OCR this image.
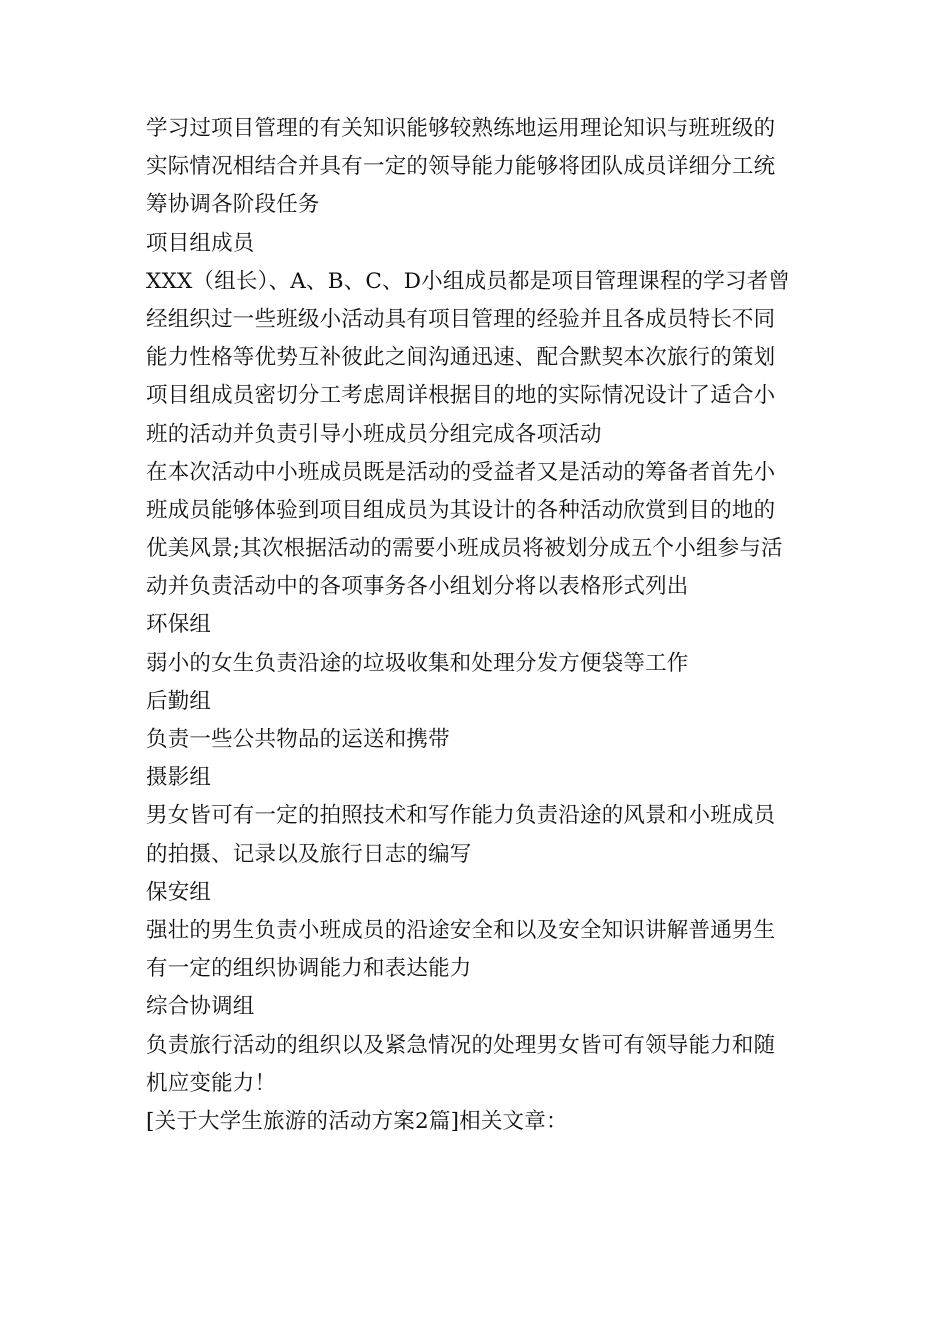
学习过项目管理的有关知识能够较熟练地运用理论知识与班班级的
实际情况相结合并具有一定的领导能力能够将团队成员详细分工统
筹协调各阶段任务
项目组成员
XXX（组长）、A、B、C、D小组成员都是项目管理课程的学习者曾
经组织过一些班级小活动具有项目管理的经验并且各成员特长不同
能力性格等优势互补彼此之间沟通迅速、配合默契本次旅行的策划
项目组成员密切分工考虑周详根据目的地的实际情况设计了适合小
班的活动并负责引导小班成员分组完成各项活动
在本次活动中小班成员既是活动的受益者又是活动的筹备者首先小
班成员能够体验到项目组成员为其设计的各种活动欣赏到目的地的
优美风景;其次根据活动的需要小班成员将被划分成五个小组参与活
动并负责活动中的各项事务各小组划分将以表格形式列出
环保组
弱小的女生负责沿途的垃圾收集和处理分发方便袋等工作
后勤组
负责一些公共物品的运送和携带
摄影组
男女皆可有一定的拍照技术和写作能力负责沿途的风景和小班成员
的拍摄、记录以及旅行日志的编写
保安组
强壮的男生负责小班成员的沿途安全和以及安全知识讲解普通男生
有一定的组织协调能力和表达能力
综合协调组
负责旅行活动的组织以及紧急情况的处理男女皆可有领导能力和随
机应变能力！
[关于大学生旅游的活动方案2篇]相关文章：
